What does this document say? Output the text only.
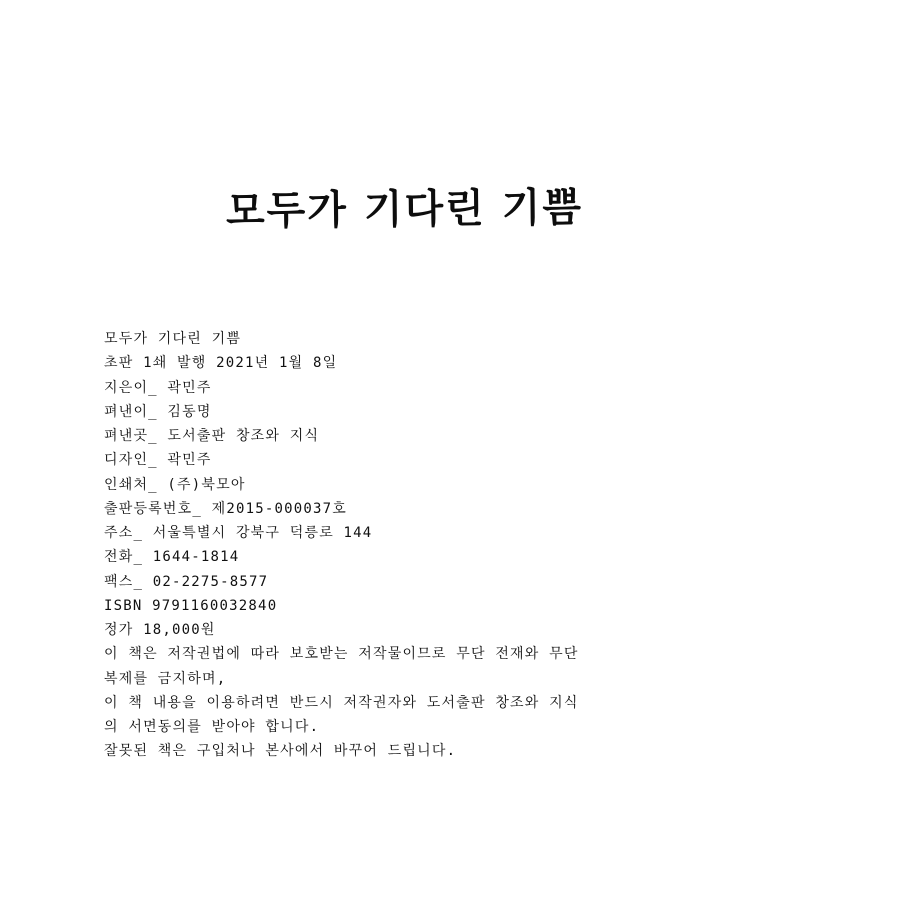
모두가 기다린 기쁨

모두가 기다린 기쁨

초판 1쇄 발행 2021년 1월 8일

지은이_ 곽민주

펴낸이_ 김동명

펴낸곳_ 도서출판 창조와 지식

디자인_ 곽민주

인쇄처_ (주)북모아

출판등록번호_ 제2015-000037호

주소_ 서울특별시 강북구 덕릉로 144

전화_ 1644-1814

팩스_ 02-2275-8577

ISBN 9791160032840

정가 18,000원

이 책은 저작권법에 따라 보호받는 저작물이므로 무단 전재와 무단

복제를 금지하며,

이 책 내용을 이용하려면 반드시 저작권자와 도서출판 창조와 지식

의 서면동의를 받아야 합니다.

잘못된 책은 구입처나 본사에서 바꾸어 드립니다.
